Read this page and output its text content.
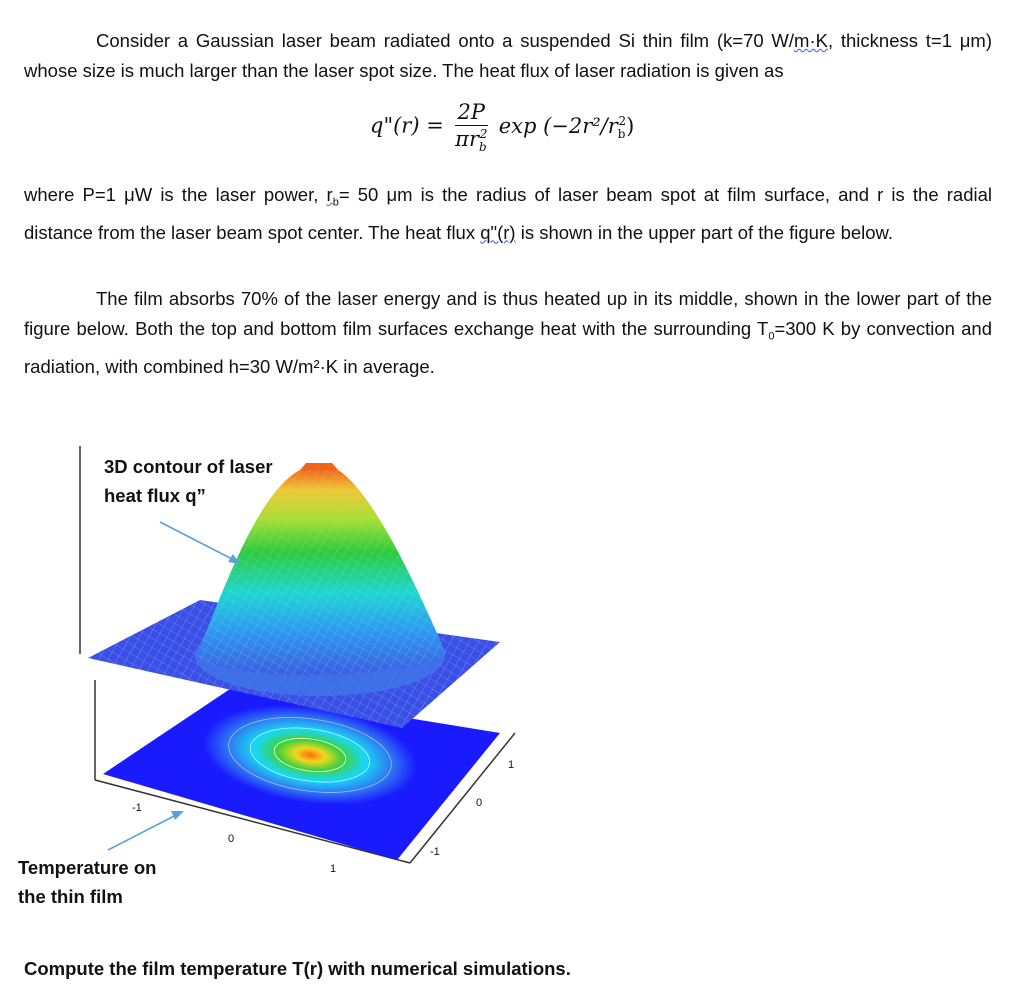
Consider a Gaussian laser beam radiated onto a suspended Si thin film (k=70 W/m·K, thickness t=1 μm) whose size is much larger than the laser spot size. The heat flux of laser radiation is given as
q"(r) = $\frac{2P}{\pi r_b^2}$ $\exp (-2r^2/r_b^2)$
where P=1 μW is the laser power, $r_b= 50$ μm is the radius of laser beam spot at film surface, and r is the radial distance from the laser beam spot center. The heat flux q"(r) is shown in the upper part of the figure below.
The film absorbs 70% of the laser energy and is thus heated up in its middle, shown in the lower part of the figure below. Both the top and bottom film surfaces exchange heat with the surrounding $T_0=300$ K by convection and radiation, with combined h=30 W/m²·K in average.
-1
0
1
-1
0
1
3D contour of laser
heat flux q”
Temperature on
the thin film
Compute the film temperature T(r) with numerical simulations.
